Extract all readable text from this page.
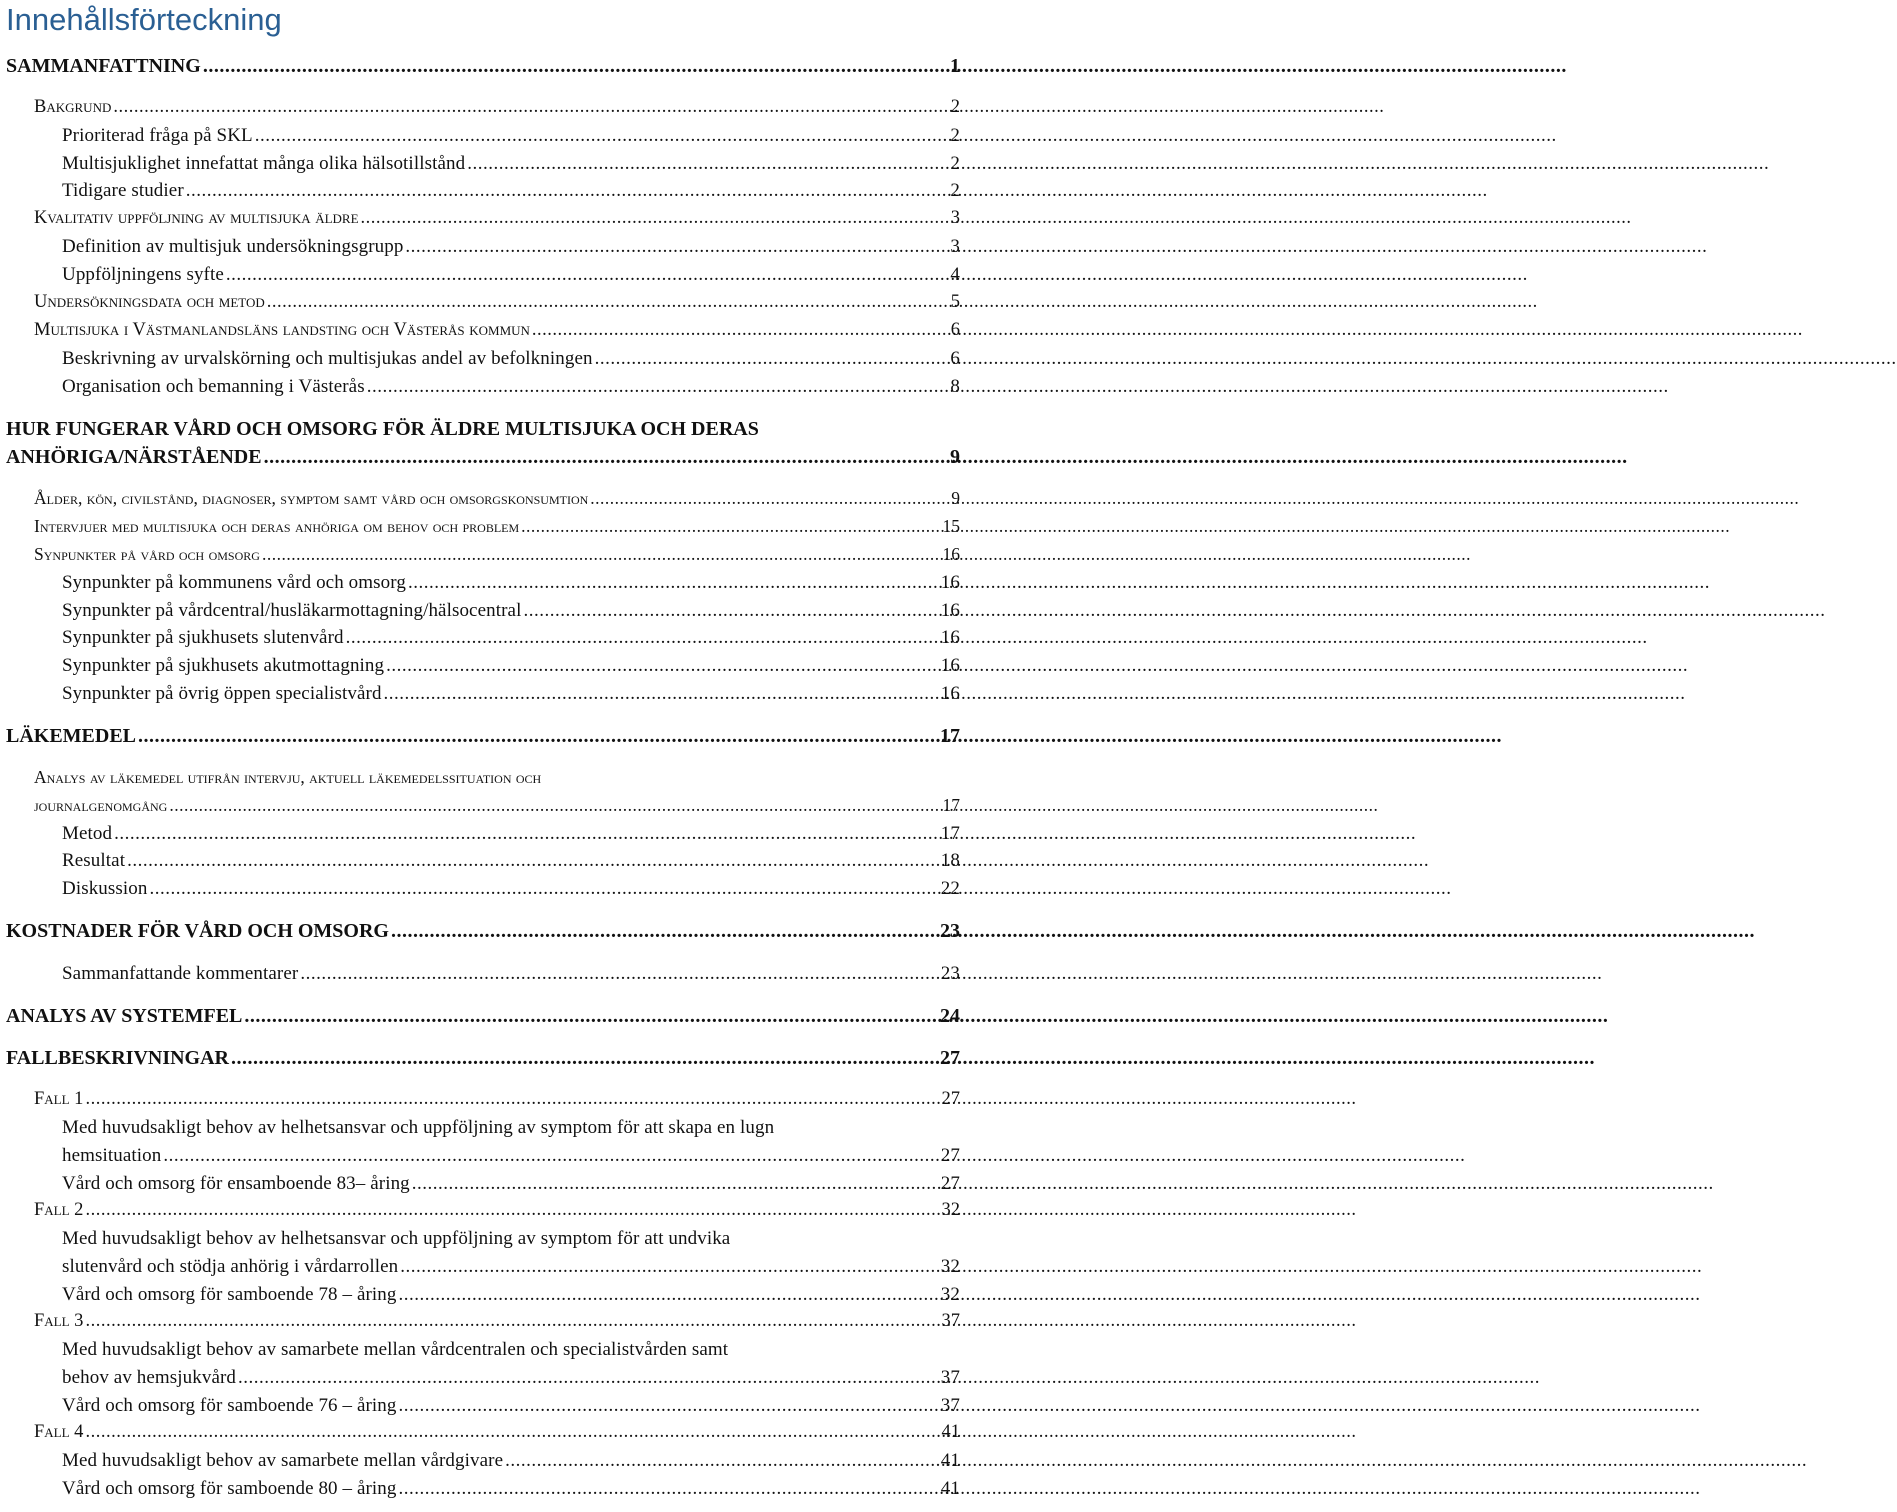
Innehållsförteckning
SAMMANFATTNING .....	1
Bakgrund .....	2
Prioriterad fråga på SKL .....	2
Multisjuklighet innefattat många olika hälsotillstånd .....	2
Tidigare studier .....	2
Kvalitativ uppföljning av multisjuka äldre .....	3
Definition av multisjuk undersökningsgrupp .....	3
Uppföljningens syfte .....	4
Undersökningsdata och metod .....	5
Multisjuka i Västmanlandsläns landsting och Västerås kommun .....	6
Beskrivning av urvalskörning och multisjukas andel av befolkningen .....	6
Organisation och bemanning i Västerås .....	8
HUR FUNGERAR VÅRD OCH OMSORG FÖR ÄLDRE MULTISJUKA OCH DERAS
ANHÖRIGA/NÄRSTÅENDE .....	9
Ålder, kön, civilstånd, diagnoser, symptom samt vård och omsorgskonsumtion .....	9
Intervjuer med multisjuka och deras anhöriga om behov och problem .....	15
Synpunkter på vård och omsorg .....	16
Synpunkter på kommunens vård och omsorg .....	16
Synpunkter på vårdcentral/husläkarmottagning/hälsocentral .....	16
Synpunkter på sjukhusets slutenvård .....	16
Synpunkter på sjukhusets akutmottagning .....	16
Synpunkter på övrig öppen specialistvård .....	16
LÄKEMEDEL .....	17
Analys av läkemedel utifrån intervju, aktuell läkemedelssituation och
journalgenomgång .....	17
Metod .....	17
Resultat .....	18
Diskussion .....	22
KOSTNADER FÖR VÅRD OCH OMSORG .....	23
Sammanfattande kommentarer .....	23
ANALYS AV SYSTEMFEL .....	24
FALLBESKRIVNINGAR .....	27
Fall 1 .....	27
Med huvudsakligt behov av helhetsansvar och uppföljning av symptom för att skapa en lugn
hemsituation .....	27
Vård och omsorg för ensamboende 83– åring .....	27
Fall 2 .....	32
Med huvudsakligt behov av helhetsansvar och uppföljning av symptom för att undvika
slutenvård och stödja anhörig i vårdarrollen .....	32
Vård och omsorg för samboende 78 – åring .....	32
Fall 3 .....	37
Med huvudsakligt behov av samarbete mellan vårdcentralen och specialistvården samt
behov av hemsjukvård .....	37
Vård och omsorg för samboende 76 – åring .....	37
Fall 4 .....	41
Med huvudsakligt behov av samarbete mellan vårdgivare .....	41
Vård och omsorg för samboende 80 – åring .....	41
